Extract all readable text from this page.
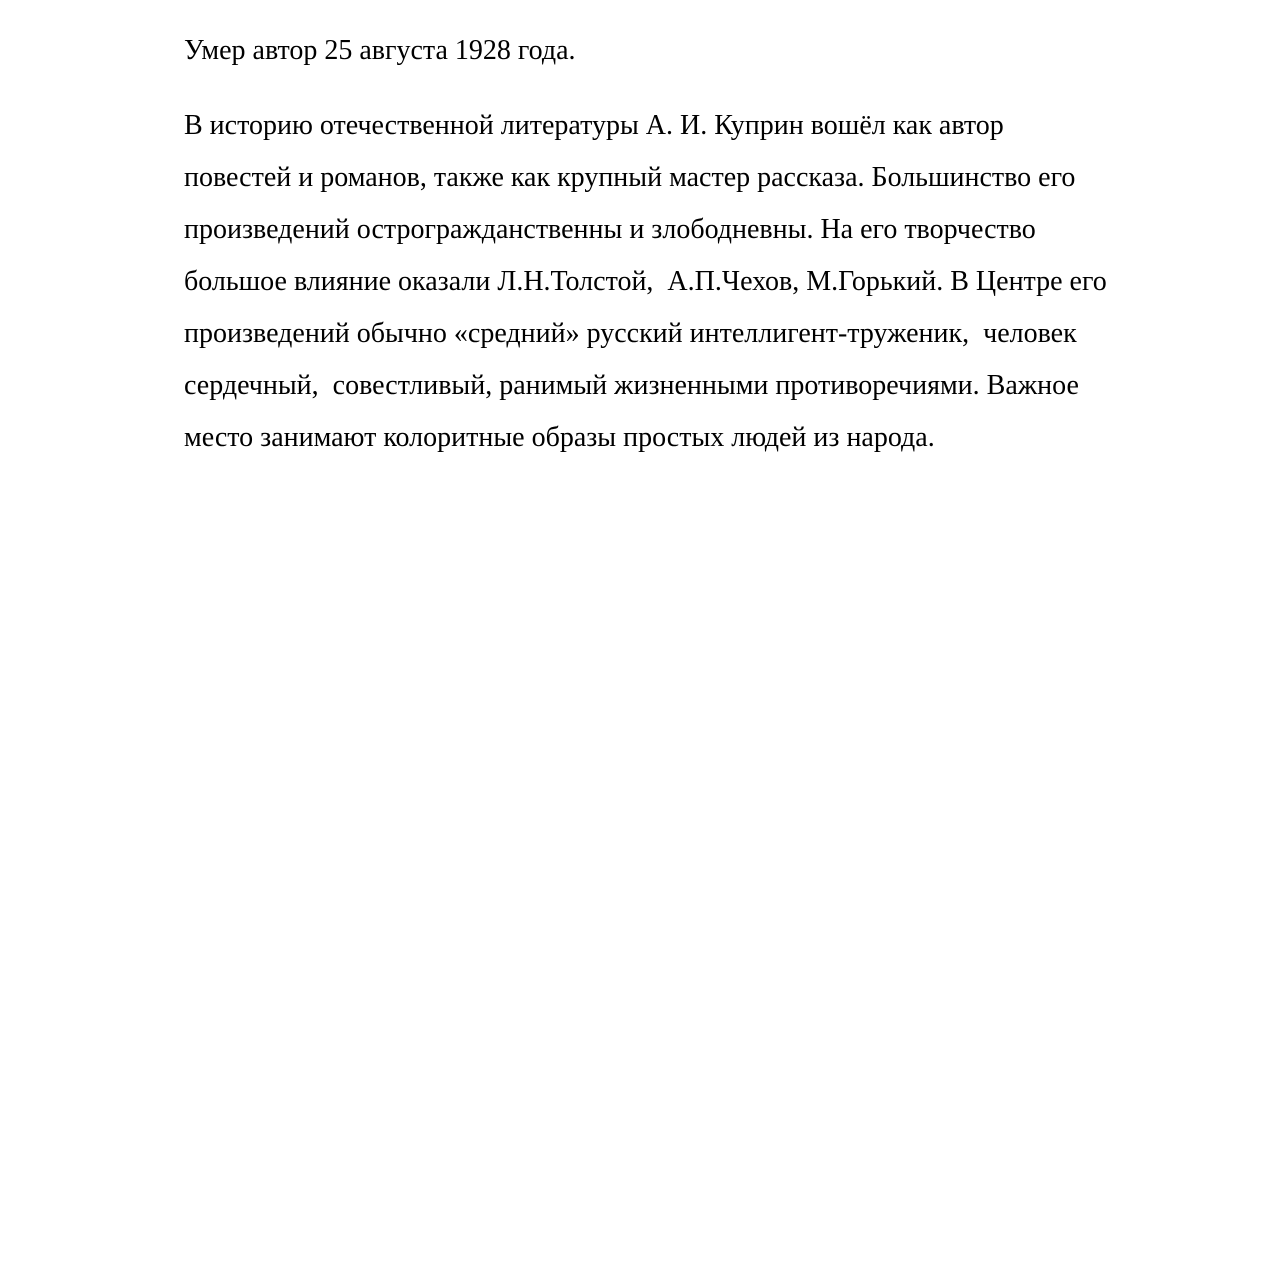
Умер автор 25 августа 1928 года.
В историю отечественной литературы А. И. Куприн вошёл как автор
повестей и романов, также как крупный мастер рассказа. Большинство его
произведений острогражданственны и злободневны. На его творчество
большое влияние оказали Л.Н.Толстой,  А.П.Чехов, М.Горький. В Центре его
произведений обычно «средний» русский интеллигент-труженик,  человек
сердечный,  совестливый, ранимый жизненными противоречиями. Важное
место занимают колоритные образы простых людей из народа.
